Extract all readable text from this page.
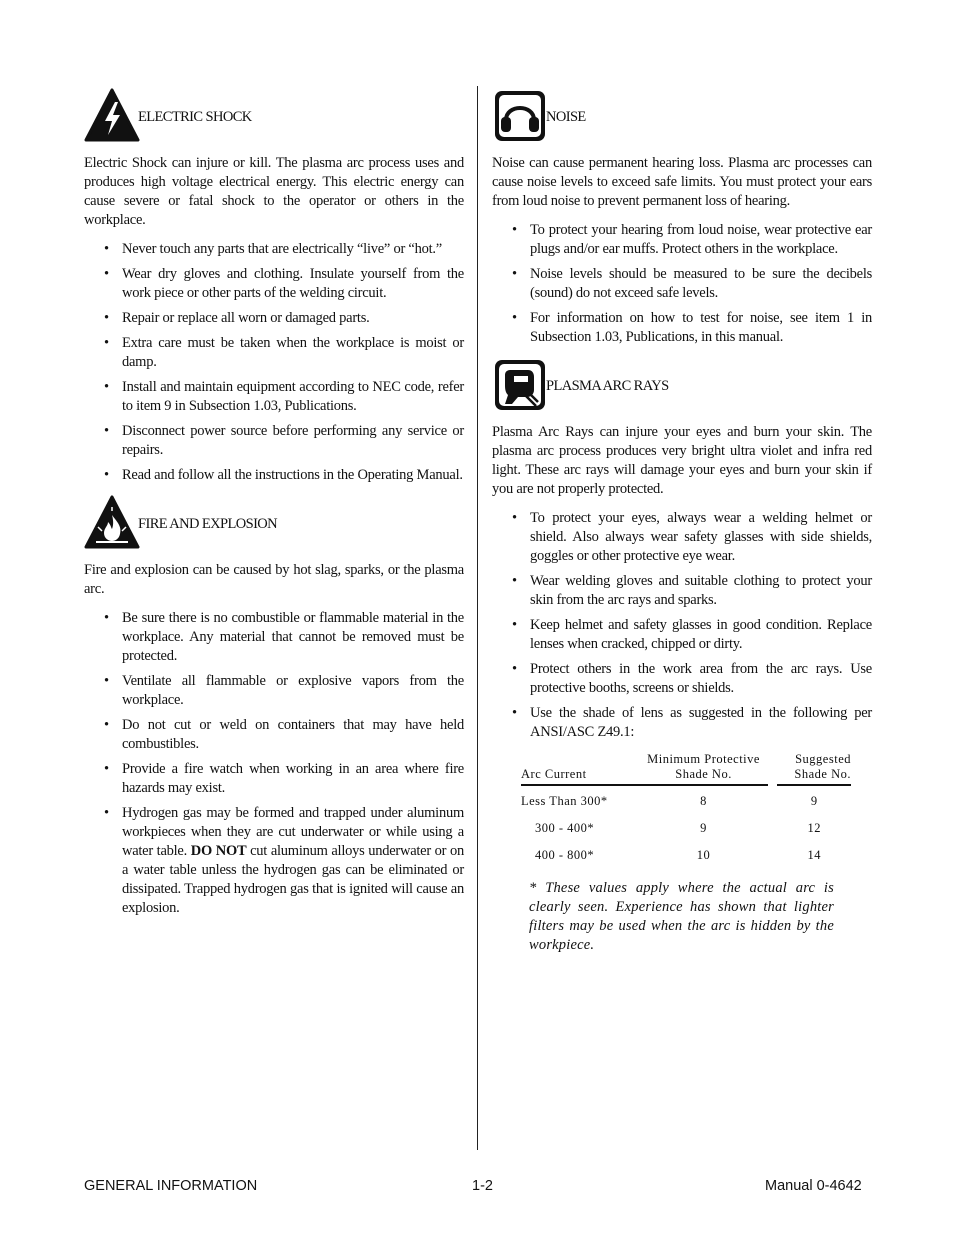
ELECTRIC SHOCK

Electric Shock can injure or kill. The plasma arc process uses and produces high voltage electrical energy. This electric energy can cause severe or fatal shock to the operator or others in the workplace.

• Never touch any parts that are electrically “live” or “hot.”
• Wear dry gloves and clothing. Insulate yourself from the work piece or other parts of the welding circuit.
• Repair or replace all worn or damaged parts.
• Extra care must be taken when the workplace is moist or damp.
• Install and maintain equipment according to NEC code, refer to item 9 in Subsection 1.03, Publications.
• Disconnect power source before performing any service or repairs.
• Read and follow all the instructions in the Operating Manual.
FIRE AND EXPLOSION

Fire and explosion can be caused by hot slag, sparks, or the plasma arc.

• Be sure there is no combustible or flammable material in the workplace. Any material that cannot be removed must be protected.
• Ventilate all flammable or explosive vapors from the workplace.
• Do not cut or weld on containers that may have held combustibles.
• Provide a fire watch when working in an area where fire hazards may exist.
• Hydrogen gas may be formed and trapped under aluminum workpieces when they are cut underwater or while using a water table. DO NOT cut aluminum alloys underwater or on a water table unless the hydrogen gas can be eliminated or dissipated. Trapped hydrogen gas that is ignited will cause an explosion.
NOISE

Noise can cause permanent hearing loss. Plasma arc processes can cause noise levels to exceed safe limits. You must protect your ears from loud noise to prevent permanent loss of hearing.

• To protect your hearing from loud noise, wear protective ear plugs and/or ear muffs. Protect others in the workplace.
• Noise levels should be measured to be sure the decibels (sound) do not exceed safe levels.
• For information on how to test for noise, see item 1 in Subsection 1.03, Publications, in this manual.
PLASMA ARC RAYS

Plasma Arc Rays can injure your eyes and burn your skin. The plasma arc process produces very bright ultra violet and infra red light. These arc rays will damage your eyes and burn your skin if you are not properly protected.

• To protect your eyes, always wear a welding helmet or shield. Also always wear safety glasses with side shields, goggles or other protective eye wear.
• Wear welding gloves and suitable clothing to protect your skin from the arc rays and sparks.
• Keep helmet and safety glasses in good condition. Replace lenses when cracked, chipped or dirty.
• Protect others in the work area from the arc rays. Use protective booths, screens or shields.
• Use the shade of lens as suggested in the following per ANSI/ASC Z49.1:
Arc Current	Minimum Protective Shade No.		Suggested Shade No.
Less Than 300*	8		9
300 - 400*	9		12
400 - 800*	10		14

* These values apply where the actual arc is clearly seen. Experience has shown that lighter filters may be used when the arc is hidden by the workpiece.

GENERAL INFORMATION	1-2	Manual 0-4642
